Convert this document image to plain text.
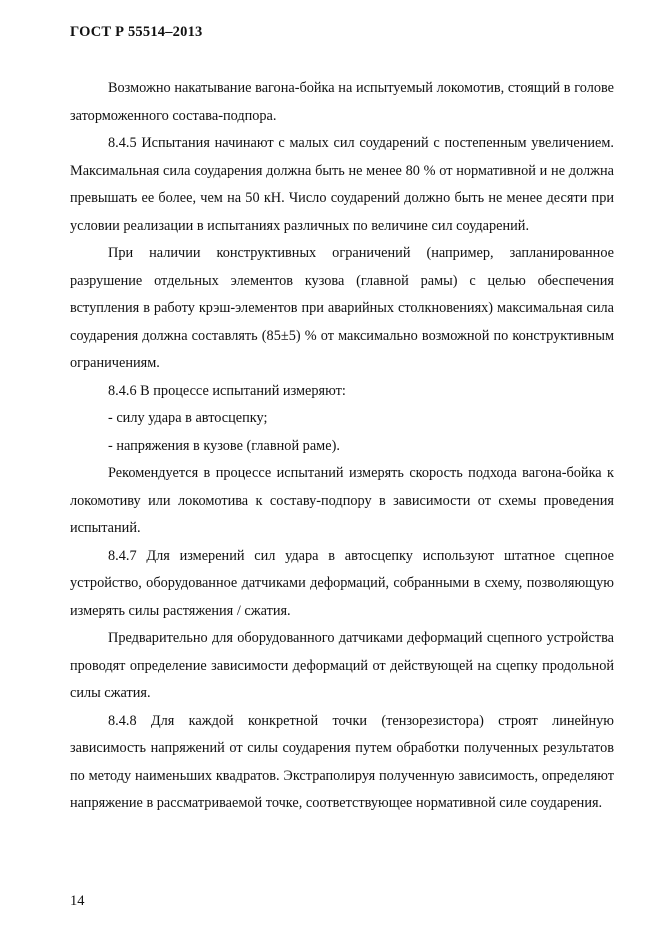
ГОСТ Р 55514–2013

Возможно накатывание вагона-бойка на испытуемый локомотив, стоящий в голове заторможенного состава-подпора.

8.4.5 Испытания начинают с малых сил соударений с постепенным увеличением. Максимальная сила соударения должна быть не менее 80 % от нормативной и не должна превышать ее более, чем на 50 кН. Число соударений должно быть не менее десяти при условии реализации в испытаниях различных по величине сил соударений.

При наличии конструктивных ограничений (например, запланированное разрушение отдельных элементов кузова (главной рамы) с целью обеспечения вступления в работу крэш-элементов при аварийных столкновениях) максимальная сила соударения должна составлять (85±5) % от максимально возможной по конструктивным ограничениям.

8.4.6 В процессе испытаний измеряют:

- силу удара в автосцепку;

- напряжения в кузове (главной раме).

Рекомендуется в процессе испытаний измерять скорость подхода вагона-бойка к локомотиву или локомотива к составу-подпору в зависимости от схемы проведения испытаний.

8.4.7 Для измерений сил удара в автосцепку используют штатное сцепное устройство, оборудованное датчиками деформаций, собранными в схему, позволяющую измерять силы растяжения / сжатия.

Предварительно для оборудованного датчиками деформаций сцепного устройства проводят определение зависимости деформаций от действующей на сцепку продольной силы сжатия.

8.4.8 Для каждой конкретной точки (тензорезистора) строят линейную зависимость напряжений от силы соударения путем обработки полученных результатов по методу наименьших квадратов. Экстраполируя полученную зависимость, определяют напряжение в рассматриваемой точке, соответствующее нормативной силе соударения.

14
